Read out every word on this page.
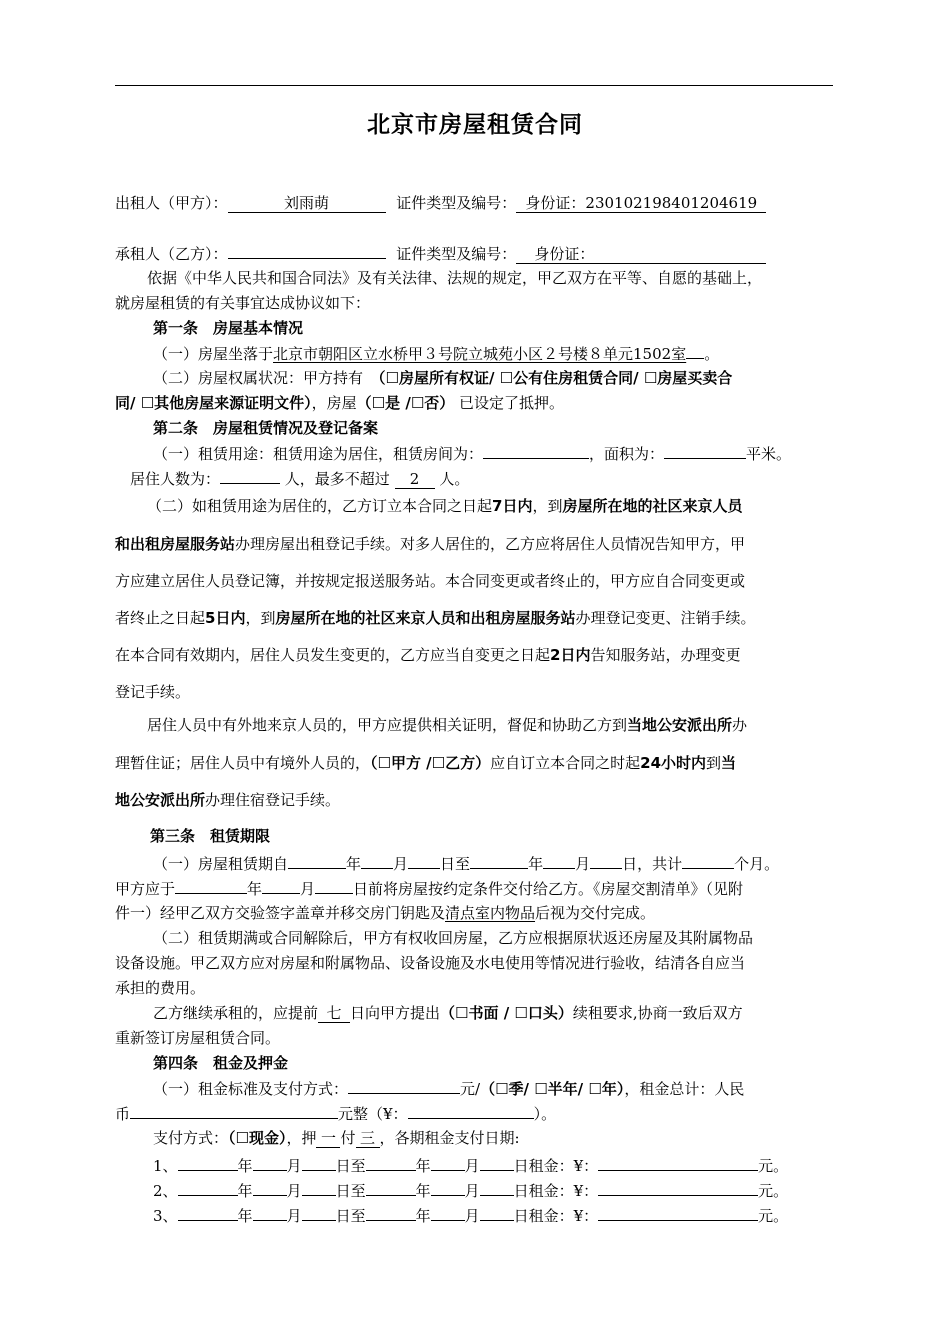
北京市房屋租赁合同
出租人（甲方）：	刘雨萌	证件类型及编号： 身份证：230102198401204619
承租人（乙方）：	证件类型及编号： 身份证：
依据《中华人民共和国合同法》及有关法律、法规的规定，甲乙双方在平等、自愿的基础上，
就房屋租赁的有关事宜达成协议如下：
第一条　房屋基本情况
（一）房屋坐落于北京市朝阳区立水桥甲３号院立城苑小区２号楼８单元1502室 。
（二）房屋权属状况：甲方持有　（☐房屋所有权证/ ☐公有住房租赁合同/ ☐房屋买卖合
同/ ☐其他房屋来源证明文件），房屋（☐是 /☐否） 已设定了抵押。
第二条　房屋租赁情况及登记备案
（一）租赁用途：租赁用途为居住，租赁房间为：	，面积为：	平米。
居住人数为：	人，最多不超过 2 人。
（二）如租赁用途为居住的，乙方订立本合同之日起7日内，到房屋所在地的社区来京人员
和出租房屋服务站办理房屋出租登记手续。对多人居住的，乙方应将居住人员情况告知甲方，甲
方应建立居住人员登记簿，并按规定报送服务站。本合同变更或者终止的，甲方应自合同变更或
者终止之日起5日内，到房屋所在地的社区来京人员和出租房屋服务站办理登记变更、注销手续。
在本合同有效期内，居住人员发生变更的，乙方应当自变更之日起2日内告知服务站，办理变更
登记手续。
居住人员中有外地来京人员的，甲方应提供相关证明，督促和协助乙方到当地公安派出所办
理暂住证；居住人员中有境外人员的，（☐甲方 /☐乙方）应自订立本合同之时起24小时内到当
地公安派出所办理住宿登记手续。
第三条　租赁期限
（一）房屋租赁期自	年 月 日至	年 月 日，共计	个月。
甲方应于	年	月	日前将房屋按约定条件交付给乙方。《房屋交割清单》（见附
件一）经甲乙双方交验签字盖章并移交房门钥匙及清点室内物品后视为交付完成。
（二）租赁期满或合同解除后，甲方有权收回房屋，乙方应根据原状返还房屋及其附属物品
设备设施。甲乙双方应对房屋和附属物品、设备设施及水电使用等情况进行验收，结清各自应当
承担的费用。
乙方继续承租的，应提前 七 日向甲方提出（☐书面 / ☐口头）续租要求,协商一致后双方
重新签订房屋租赁合同。
第四条　租金及押金
（一）租金标准及支付方式：	元/（☐季/ ☐半年/ ☐年），租金总计：人民
币	元整（¥：	）。
支付方式：（☐现金），押 一 付 三 ，各期租金支付日期:
1、	年 月 日至	年 月 日租金：¥：	元。
2、	年 月 日至	年 月 日租金：¥：	元。
3、	年 月 日至	年 月 日租金：¥：	元。
